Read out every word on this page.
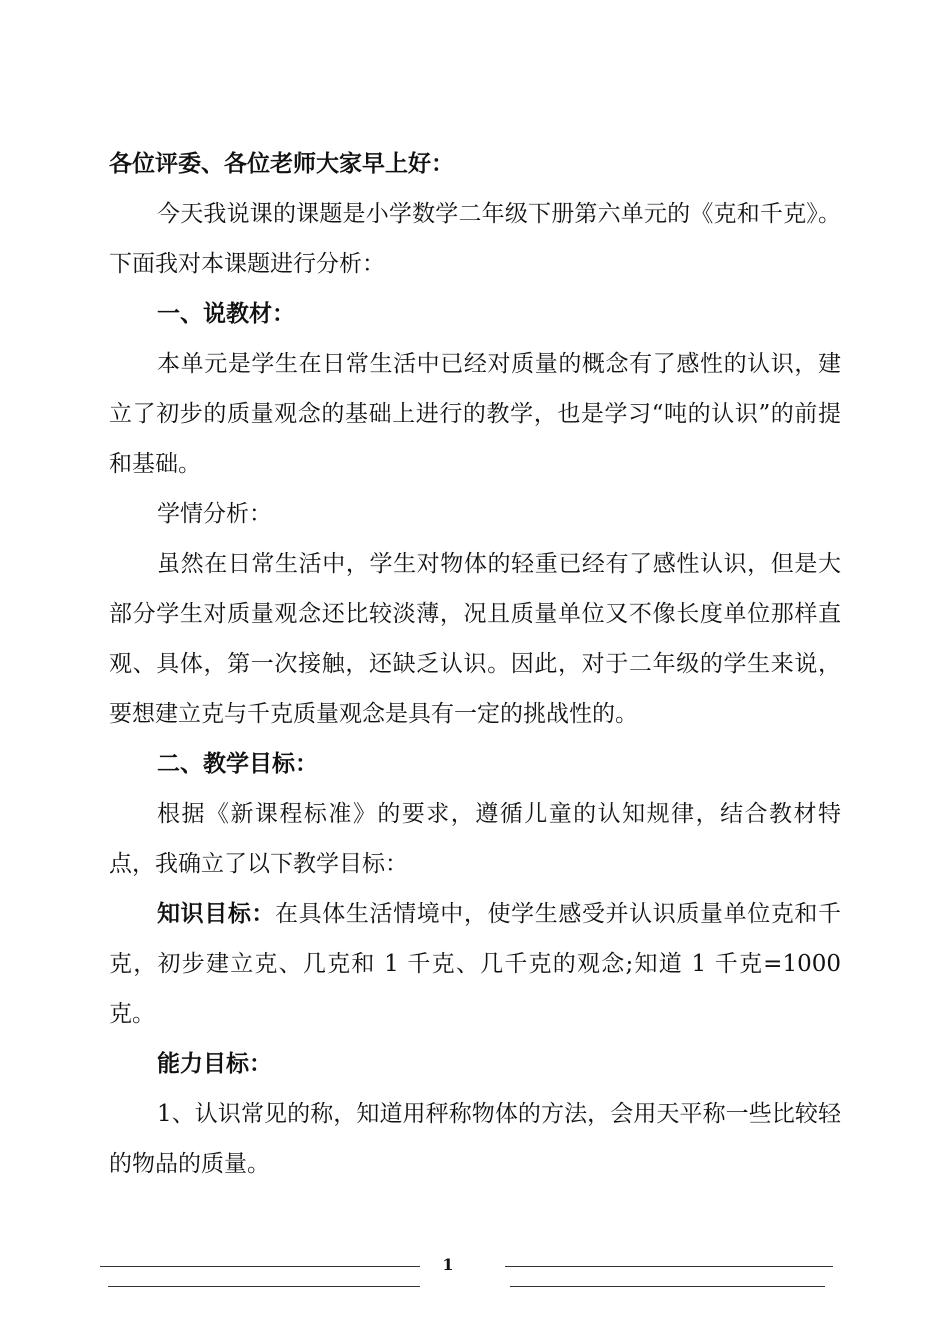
各位评委、各位老师大家早上好：

今天我说课的课题是小学数学二年级下册第六单元的《克和千克》。下面我对本课题进行分析：

一、说教材：

本单元是学生在日常生活中已经对质量的概念有了感性的认识，建立了初步的质量观念的基础上进行的教学，也是学习“吨的认识”的前提和基础。

学情分析：

虽然在日常生活中，学生对物体的轻重已经有了感性认识，但是大部分学生对质量观念还比较淡薄，况且质量单位又不像长度单位那样直观、具体，第一次接触，还缺乏认识。因此，对于二年级的学生来说，要想建立克与千克质量观念是具有一定的挑战性的。

二、教学目标：

根据《新课程标准》的要求，遵循儿童的认知规律，结合教材特点，我确立了以下教学目标：

知识目标：在具体生活情境中，使学生感受并认识质量单位克和千克，初步建立克、几克和 1 千克、几千克的观念;知道 1 千克=1000 克。

能力目标：

1、认识常见的称，知道用秤称物体的方法，会用天平称一些比较轻的物品的质量。

1
